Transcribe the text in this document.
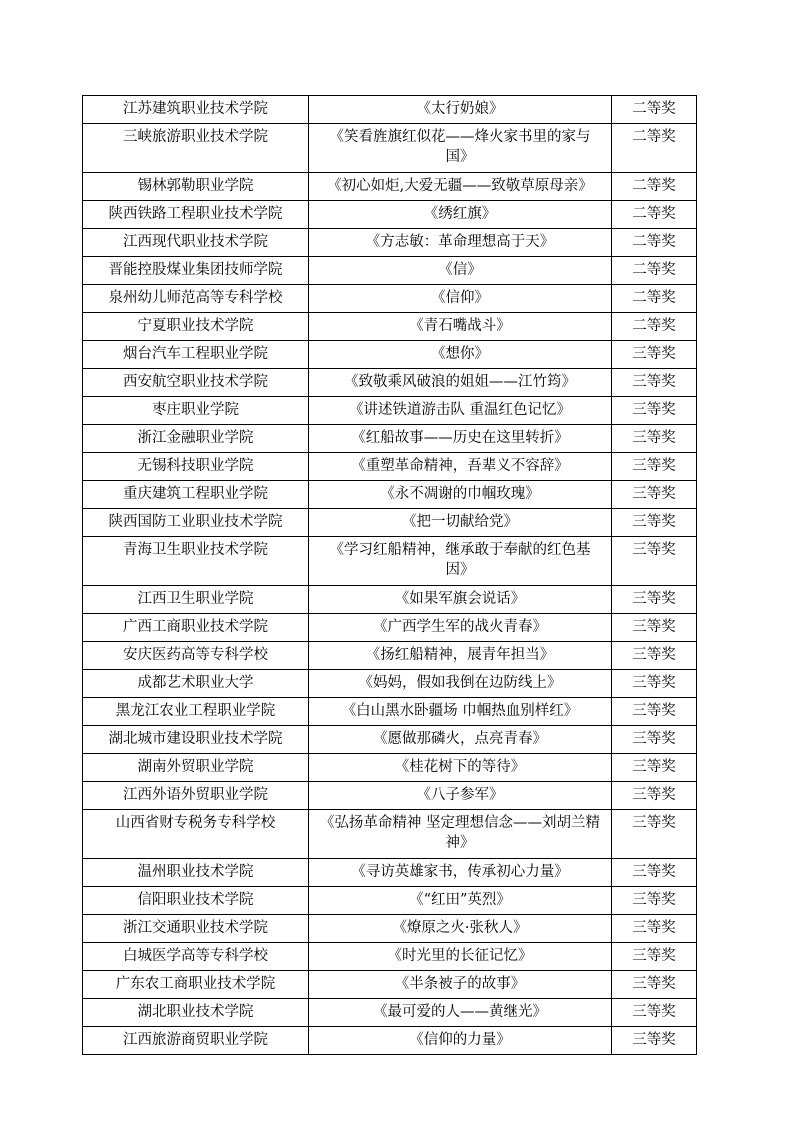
江苏建筑职业技术学院	《太行奶娘》	二等奖
三峡旅游职业技术学院	《笑看旌旗红似花——烽火家书里的家与国》	二等奖
锡林郭勒职业学院	《初心如炬,大爱无疆——致敬草原母亲》	二等奖
陕西铁路工程职业技术学院	《绣红旗》	二等奖
江西现代职业技术学院	《方志敏：革命理想高于天》	二等奖
晋能控股煤业集团技师学院	《信》	二等奖
泉州幼儿师范高等专科学校	《信仰》	二等奖
宁夏职业技术学院	《青石嘴战斗》	二等奖
烟台汽车工程职业学院	《想你》	三等奖
西安航空职业技术学院	《致敬乘风破浪的姐姐——江竹筠》	三等奖
枣庄职业学院	《讲述铁道游击队 重温红色记忆》	三等奖
浙江金融职业学院	《红船故事——历史在这里转折》	三等奖
无锡科技职业学院	《重塑革命精神，吾辈义不容辞》	三等奖
重庆建筑工程职业学院	《永不凋谢的巾帼玫瑰》	三等奖
陕西国防工业职业技术学院	《把一切献给党》	三等奖
青海卫生职业技术学院	《学习红船精神，继承敢于奉献的红色基因》	三等奖
江西卫生职业学院	《如果军旗会说话》	三等奖
广西工商职业技术学院	《广西学生军的战火青春》	三等奖
安庆医药高等专科学校	《扬红船精神，展青年担当》	三等奖
成都艺术职业大学	《妈妈，假如我倒在边防线上》	三等奖
黑龙江农业工程职业学院	《白山黑水卧疆场 巾帼热血别样红》	三等奖
湖北城市建设职业技术学院	《愿做那磷火，点亮青春》	三等奖
湖南外贸职业学院	《桂花树下的等待》	三等奖
江西外语外贸职业学院	《八子参军》	三等奖
山西省财专税务专科学校	《弘扬革命精神 坚定理想信念——刘胡兰精神》	三等奖
温州职业技术学院	《寻访英雄家书，传承初心力量》	三等奖
信阳职业技术学院	《“红田”英烈》	三等奖
浙江交通职业技术学院	《燎原之火·张秋人》	三等奖
白城医学高等专科学校	《时光里的长征记忆》	三等奖
广东农工商职业技术学院	《半条被子的故事》	三等奖
湖北职业技术学院	《最可爱的人——黄继光》	三等奖
江西旅游商贸职业学院	《信仰的力量》	三等奖
